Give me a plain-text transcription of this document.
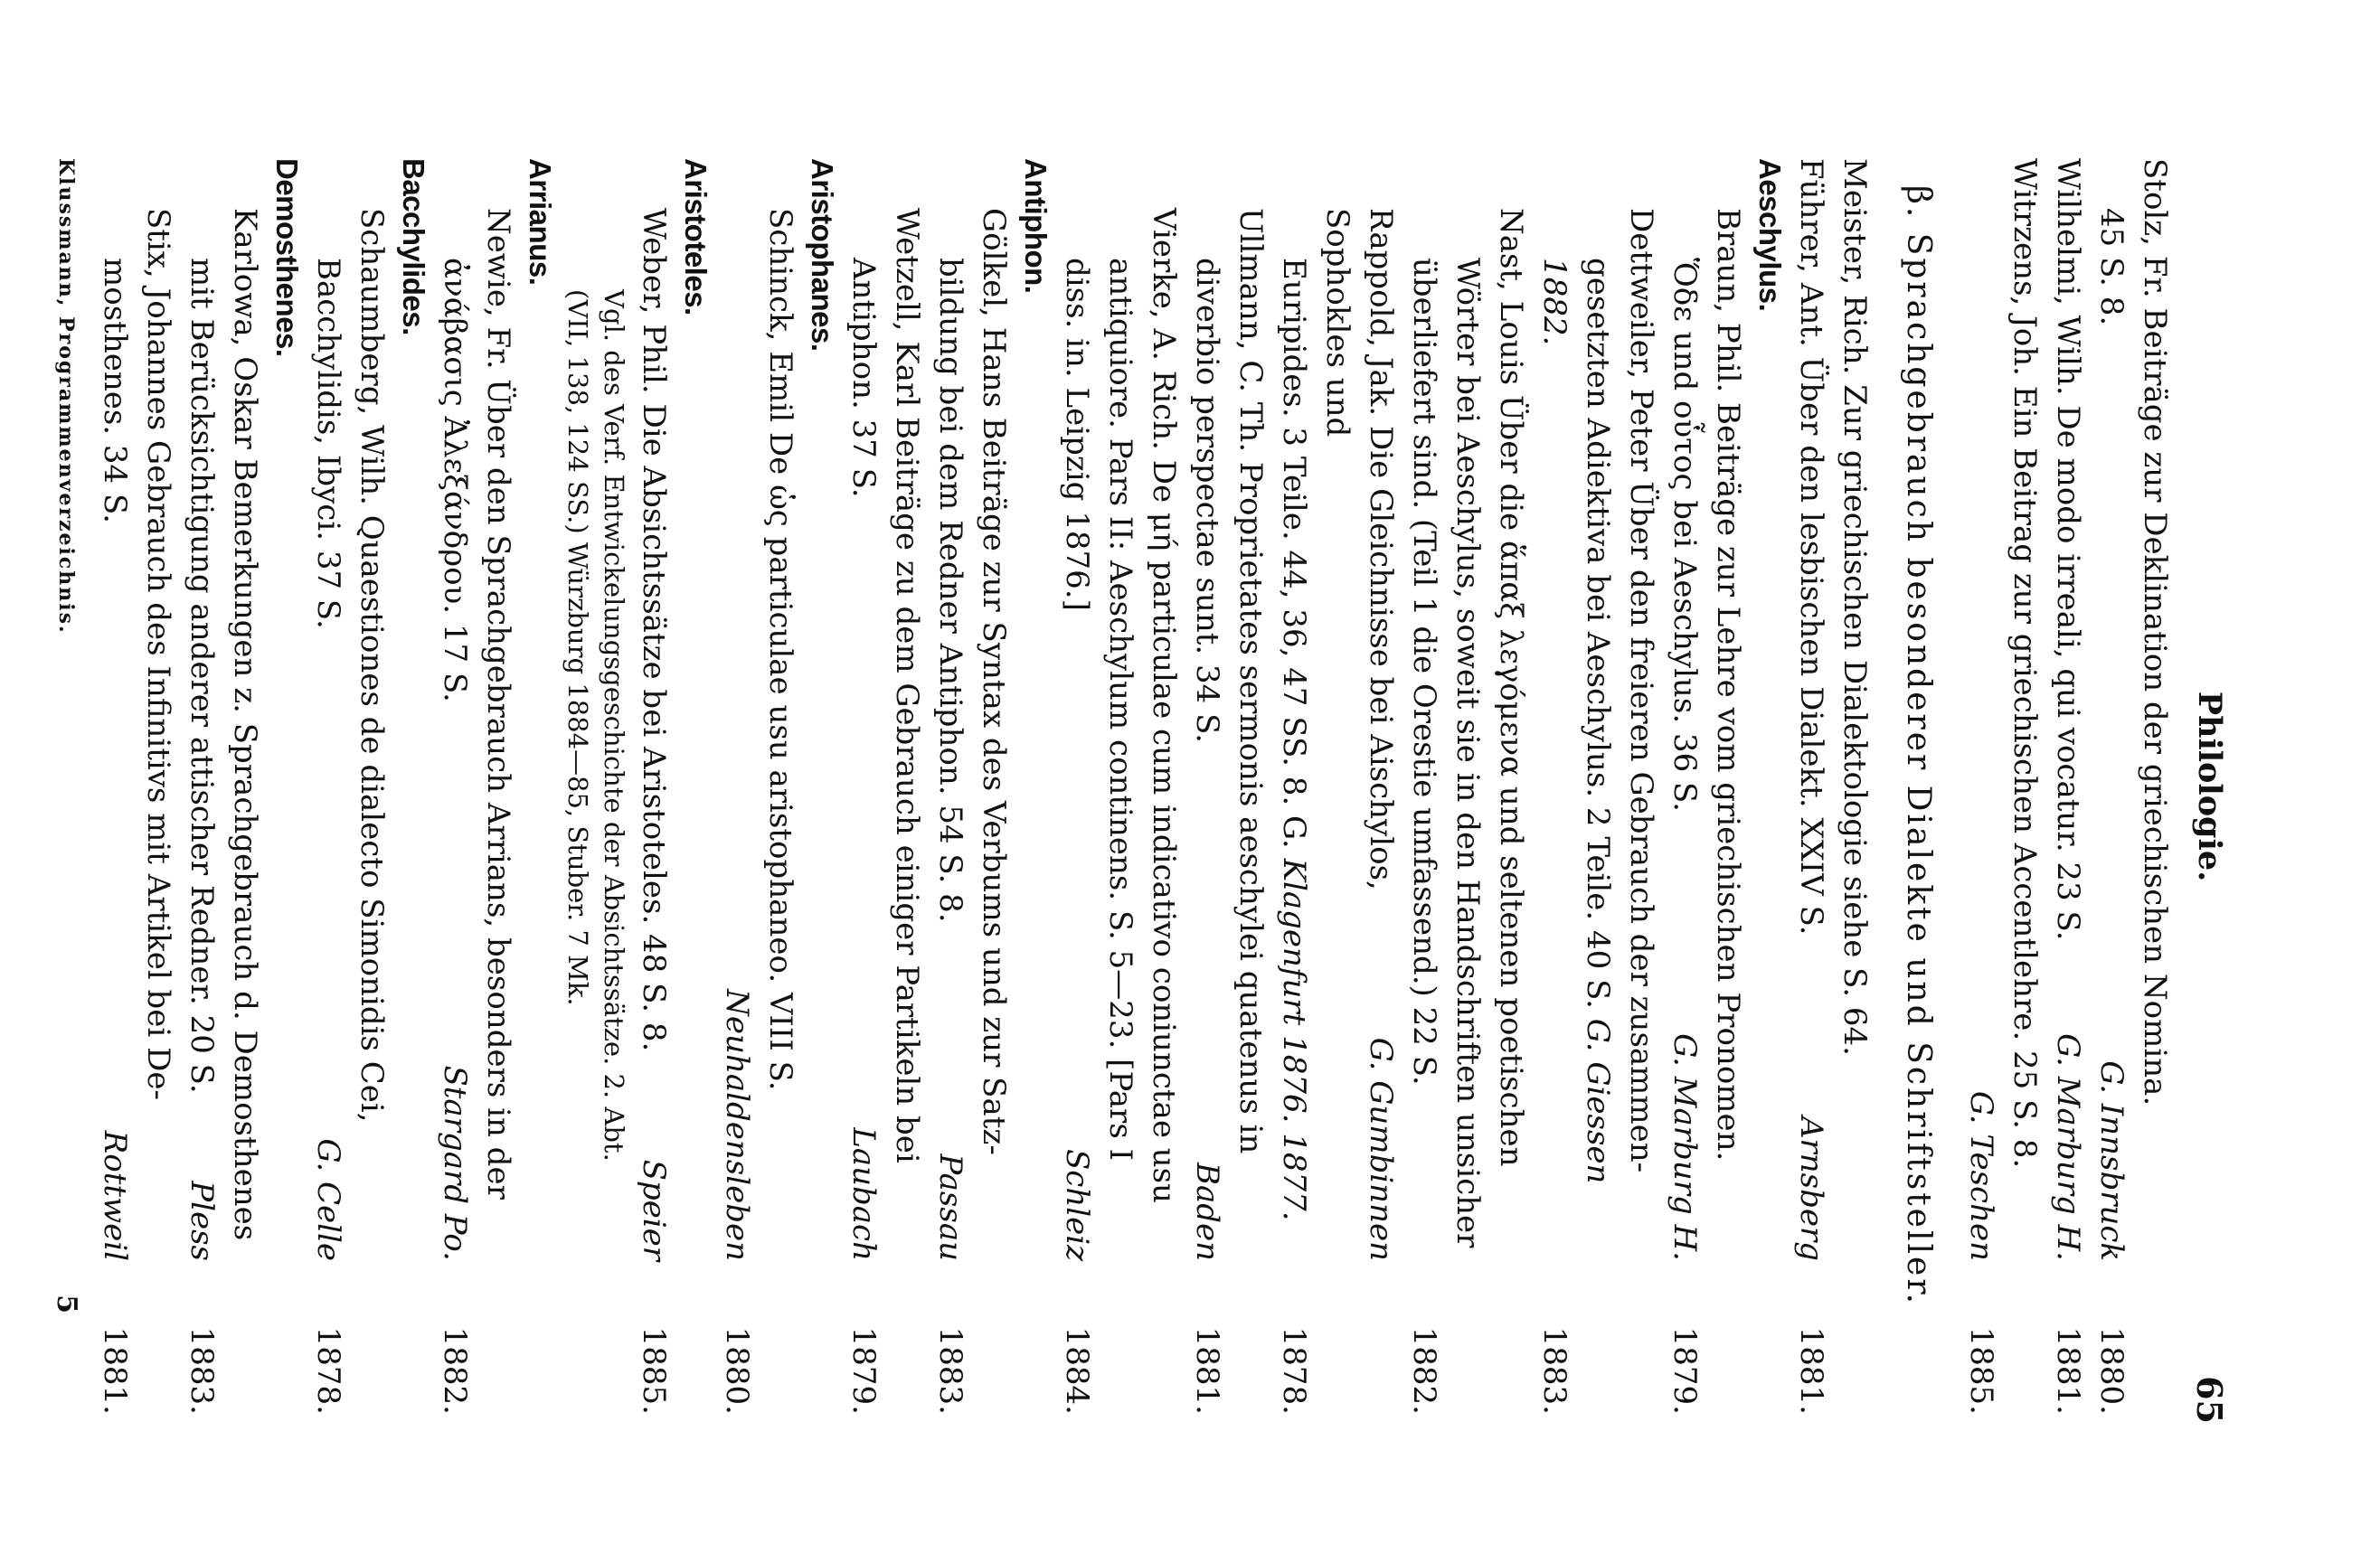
Philologie.
65
Stolz, Fr. Beiträge zur Deklination der griechischen Nomina.
45 S. 8.
G. Innsbruck
1880.
Wilhelmi, Wilh. De modo irreali, qui vocatur. 23 S.
G. Marburg H.
1881.
Witrzens, Joh. Ein Beitrag zur griechischen Accentlehre. 25 S. 8.
G. Teschen
1885.
β. Sprachgebrauch besonderer Dialekte und Schriftsteller.
Meister, Rich. Zur griechischen Dialektologie siehe S. 64.
Führer, Ant. Über den lesbischen Dialekt. XXIV S.
Arnsberg
1881.
Aeschylus.
Braun, Phil. Beiträge zur Lehre vom griechischen Pronomen.
Ὅδε und οὗτος bei Aeschylus. 36 S.
G. Marburg H.
1879.
Dettweiler, Peter Über den freieren Gebrauch der zusammen-
gesetzten Adiektiva bei Aeschylus. 2 Teile. 40 S. G. Giessen 1882.
1883.
Nast, Louis Über die ἅπαξ λεγόμενα und seltenen poetischen
Wörter bei Aeschylus, soweit sie in den Handschriften unsicher
überliefert sind. (Teil 1 die Orestie umfassend.) 22 S.
G. Gumbinnen
1882.
Rappold, Jak. Die Gleichnisse bei Aischylos, Sophokles und
Euripides. 3 Teile. 44, 36, 47 SS. 8. G. Klagenfurt 1876. 1877.
1878.
Ullmann, C. Th. Proprietates sermonis aeschylei quatenus in
diverbio perspectae sunt. 34 S.
Baden
1881.
Vierke, A. Rich. De μή particulae cum indicativo coniunctae usu
antiquiore. Pars II: Aeschylum continens. S. 5—23. [Pars I
diss. in. Leipzig 1876.]
Schleiz
1884.
Antiphon.
Gölkel, Hans Beiträge zur Syntax des Verbums und zur Satz-
bildung bei dem Redner Antiphon. 54 S. 8.
Passau
1883.
Wetzell, Karl Beiträge zu dem Gebrauch einiger Partikeln bei
Antiphon. 37 S.
Laubach
1879.
Aristophanes.
Schinck, Emil De ὡς particulae usu aristophaneo. VIII S.
Neuhaldensleben
1880.
Aristoteles.
Weber, Phil. Die Absichtssätze bei Aristoteles. 48 S. 8.
Speier
1885.
Vgl. des Verf. Entwickelungsgeschichte der Absichtssätze. 2. Abt.
(VII, 138, 124 SS.) Würzburg 1884—85, Stuber. 7 Mk.
Arrianus.
Newie, Fr. Über den Sprachgebrauch Arrians, besonders in der
ἀνάβασις Ἀλεξάνδρου. 17 S.
Stargard Po.
1882.
Bacchylides.
Schaumberg, Wilh. Quaestiones de dialecto Simonidis Cei,
Bacchylidis, Ibyci. 37 S.
G. Celle
1878.
Demosthenes.
Karlowa, Oskar Bemerkungen z. Sprachgebrauch d. Demosthenes
mit Berücksichtigung anderer attischer Redner. 20 S.
Pless
1883.
Stix, Johannes Gebrauch des Infinitivs mit Artikel bei De-
mosthenes. 34 S.
Rottweil
1881.
Klussmann, Programmenverzeichnis.
5
